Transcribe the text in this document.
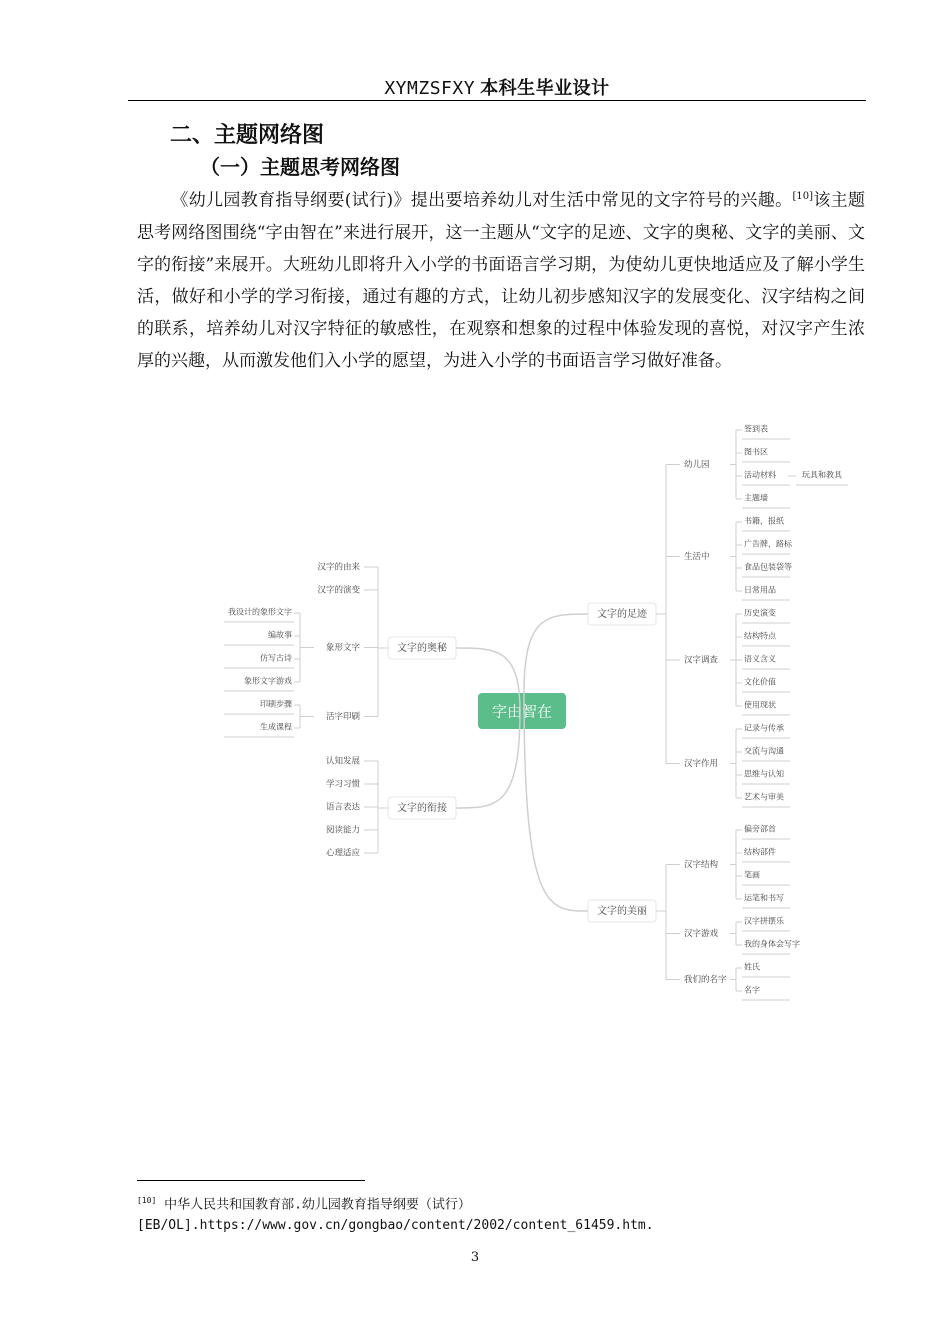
XYMZSFXY 本科生毕业设计
二、主题网络图
（一）主题思考网络图

《幼儿园教育指导纲要(试行)》提出要培养幼儿对生活中常见的文字符号的兴趣。[10]该主题思考网络图围绕“字由智在”来进行展开，这一主题从“文字的足迹、文字的奥秘、文字的美丽、文字的衔接”来展开。大班幼儿即将升入小学的书面语言学习期，为使幼儿更快地适应及了解小学生活，做好和小学的学习衔接，通过有趣的方式，让幼儿初步感知汉字的发展变化、汉字结构之间的联系，培养幼儿对汉字特征的敏感性，在观察和想象的过程中体验发现的喜悦，对汉字产生浓厚的兴趣，从而激发他们入小学的愿望，为进入小学的书面语言学习做好准备。

字由智在
文字的足迹
幼儿园
签到表
图书区
活动材料
主题墙
玩具和教具
生活中
书籍，报纸
广告牌，路标
食品包装袋等
日常用品
汉字调查
历史演变
结构特点
语义含义
文化价值
使用现状
汉字作用
记录与传承
交流与沟通
思维与认知
艺术与审美
文字的美丽
汉字结构
偏旁部首
结构部件
笔画
运笔和书写
汉字游戏
汉字拼摆乐
我的身体会写字
我们的名字
姓氏
名字
文字的奥秘
汉字的由来
汉字的演变
象形文字
我设计的象形文字
编故事
仿写古诗
象形文字游戏
活字印刷
印刷步骤
生成课程
文字的衔接
认知发展
学习习惯
语言表达
阅读能力
心理适应
[10] 中华人民共和国教育部.幼儿园教育指导纲要（试行）[EB/OL].https://www.gov.cn/gongbao/content/2002/content_61459.htm.
3
